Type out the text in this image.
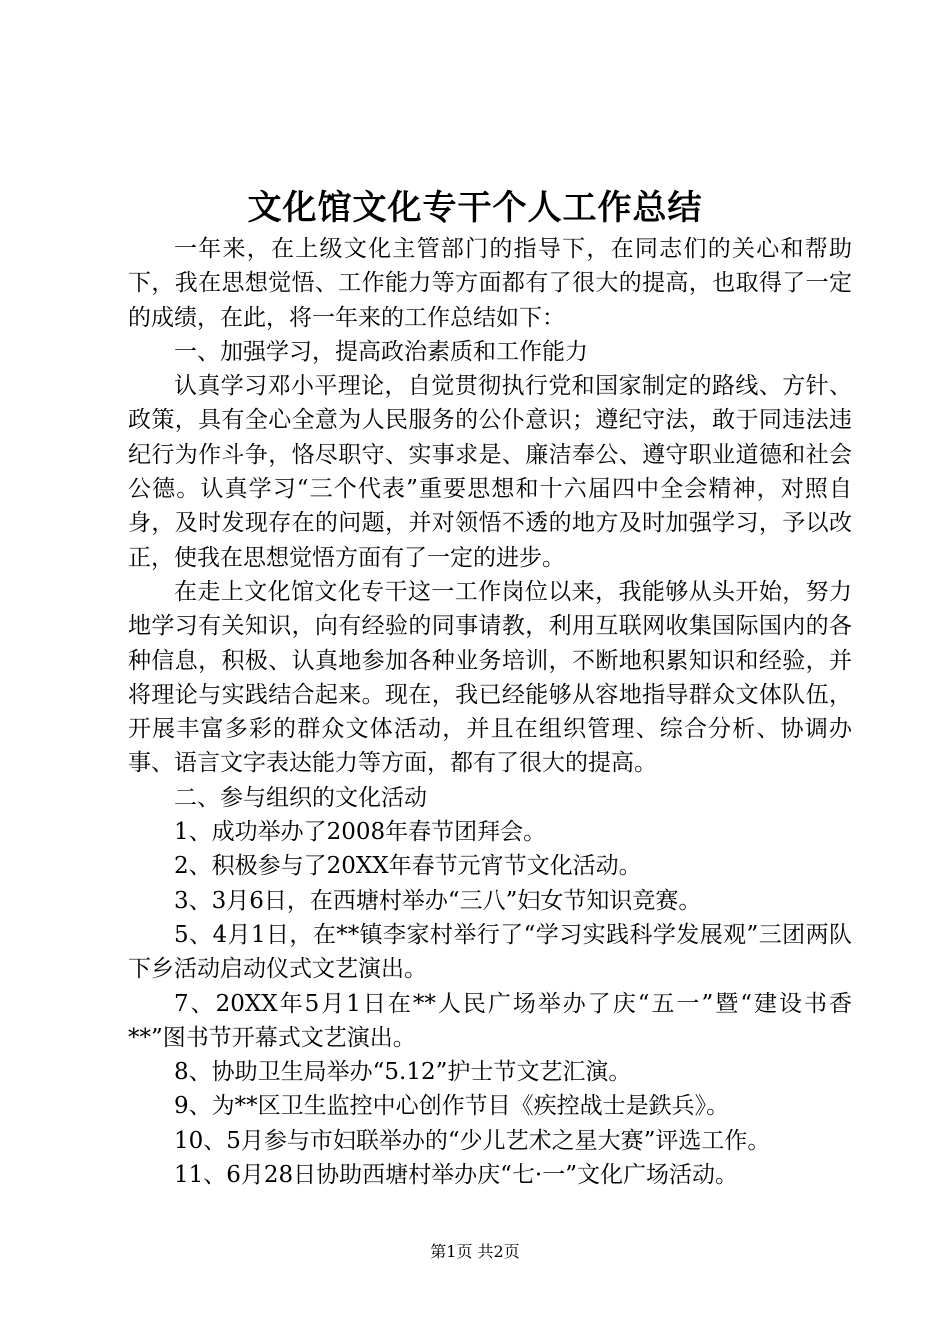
文化馆文化专干个人工作总结

一年来，在上级文化主管部门的指导下，在同志们的关心和帮助下，我在思想觉悟、工作能力等方面都有了很大的提高，也取得了一定的成绩，在此，将一年来的工作总结如下：

一、加强学习，提高政治素质和工作能力

认真学习邓小平理论，自觉贯彻执行党和国家制定的路线、方针、政策，具有全心全意为人民服务的公仆意识；遵纪守法，敢于同违法违纪行为作斗争，恪尽职守、实事求是、廉洁奉公、遵守职业道德和社会公德。认真学习“三个代表”重要思想和十六届四中全会精神，对照自身，及时发现存在的问题，并对领悟不透的地方及时加强学习，予以改正，使我在思想觉悟方面有了一定的进步。

在走上文化馆文化专干这一工作岗位以来，我能够从头开始，努力地学习有关知识，向有经验的同事请教，利用互联网收集国际国内的各种信息，积极、认真地参加各种业务培训，不断地积累知识和经验，并将理论与实践结合起来。现在，我已经能够从容地指导群众文体队伍，开展丰富多彩的群众文体活动，并且在组织管理、综合分析、协调办事、语言文字表达能力等方面，都有了很大的提高。

二、参与组织的文化活动

1、成功举办了2008年春节团拜会。

2、积极参与了20XX年春节元宵节文化活动。

3、3月6日，在西塘村举办“三八”妇女节知识竞赛。

5、4月1日，在**镇李家村举行了“学习实践科学发展观”三团两队下乡活动启动仪式文艺演出。

7、20XX年5月1日在**人民广场举办了庆“五一”暨“建设书香**”图书节开幕式文艺演出。

8、协助卫生局举办“5.12”护士节文艺汇演。

9、为**区卫生监控中心创作节目《疾控战士是鉄兵》。

10、5月参与市妇联举办的“少儿艺术之星大赛”评选工作。

11、6月28日协助西塘村举办庆“七·一”文化广场活动。

第1页 共2页
